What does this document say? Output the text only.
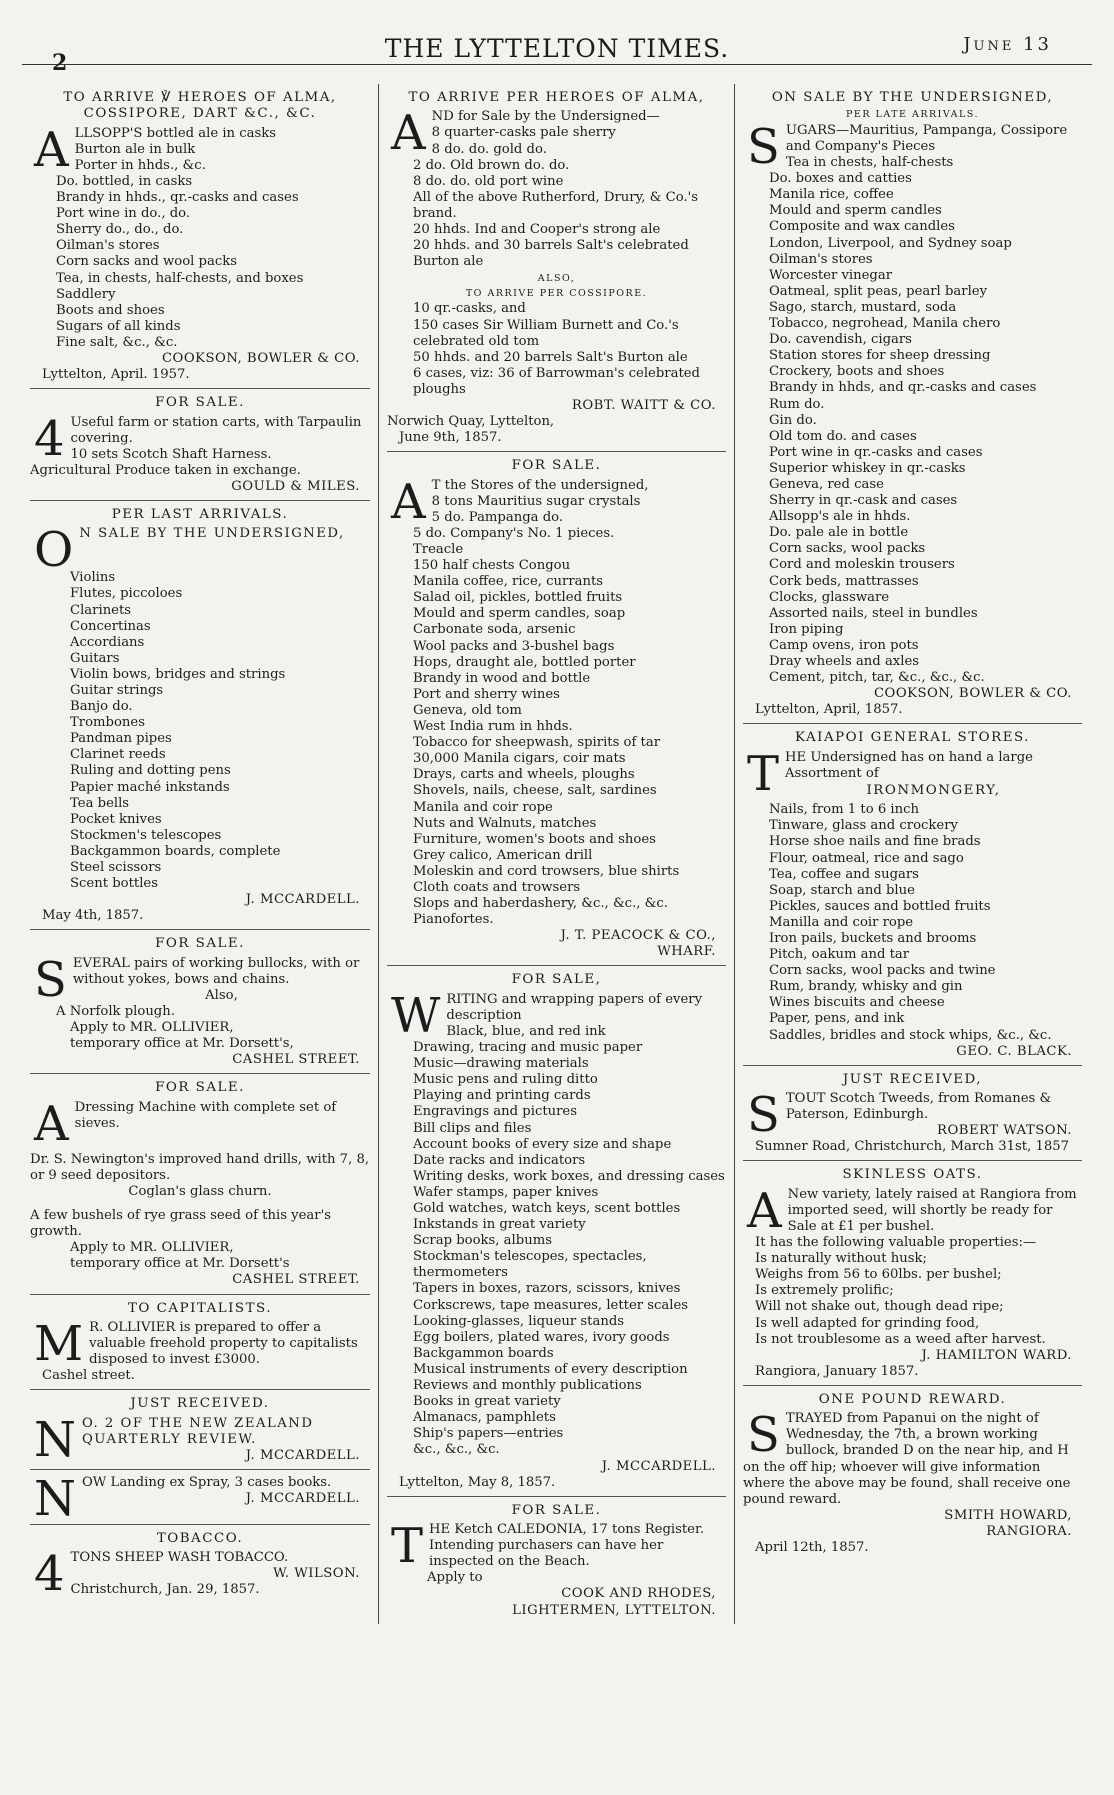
2	THE LYTTELTON TIMES.	June 13
TO ARRIVE ℣ HEROES OF ALMA, COSSIPORE, DART &C., &C.
A LLSOPP'S bottled ale in casks
Burton ale in bulk
Porter in hhds., &c.
Do. bottled, in casks
Brandy in hhds., qr.-casks and cases
Port wine in do., do.
Sherry do., do., do.
Oilman's stores
Corn sacks and wool packs
Tea, in chests, half-chests, and boxes
Saddlery
Boots and shoes
Sugars of all kinds
Fine salt, &c., &c.
COOKSON, BOWLER & CO.
Lyttelton, April. 1957.
FOR SALE.
4 Useful farm or station carts, with Tarpaulin covering.
10 sets Scotch Shaft Harness.
Agricultural Produce taken in exchange.
GOULD & MILES.
PER LAST ARRIVALS.
O N SALE BY THE UNDERSIGNED,
Violins
Flutes, piccoloes
Clarinets
Concertinas
Accordians
Guitars
Violin bows, bridges and strings
Guitar strings
Banjo do.
Trombones
Pandman pipes
Clarinet reeds
Ruling and dotting pens
Papier maché inkstands
Tea bells
Pocket knives
Stockmen's telescopes
Backgammon boards, complete
Steel scissors
Scent bottles
J. MCCARDELL.
May 4th, 1857.
FOR SALE.
S EVERAL pairs of working bullocks, with or without yokes, bows and chains.
Also,
A Norfolk plough.
Apply to MR. OLLIVIER,
temporary office at Mr. Dorsett's,
CASHEL STREET.
FOR SALE.
A Dressing Machine with complete set of sieves.
Dr. S. Newington's improved hand drills, with 7, 8, or 9 seed depositors.
Coglan's glass churn.
A few bushels of rye grass seed of this year's growth.
Apply to MR. OLLIVIER,
temporary office at Mr. Dorsett's
CASHEL STREET.
TO CAPITALISTS.
M R. OLLIVIER is prepared to offer a valuable freehold property to capitalists disposed to invest £3000.
Cashel street.
JUST RECEIVED.
N O. 2 OF THE NEW ZEALAND QUARTERLY REVIEW.
J. MCCARDELL.
N OW Landing ex Spray, 3 cases books.
J. MCCARDELL.
TOBACCO.
4 TONS SHEEP WASH TOBACCO.
W. WILSON.
Christchurch, Jan. 29, 1857.
TO ARRIVE PER HEROES OF ALMA,
A ND for Sale by the Undersigned—
8 quarter-casks pale sherry
8 do. do. gold do.
2 do. Old brown do. do.
8 do. do. old port wine
All of the above Rutherford, Drury, & Co.'s brand.
20 hhds. Ind and Cooper's strong ale
20 hhds. and 30 barrels Salt's celebrated Burton ale
ALSO,
TO ARRIVE PER COSSIPORE.
10 qr.-casks, and
150 cases Sir William Burnett and Co.'s celebrated old tom
50 hhds. and 20 barrels Salt's Burton ale
6 cases, viz: 36 of Barrowman's celebrated ploughs
ROBT. WAITT & CO.
Norwich Quay, Lyttelton,
June 9th, 1857.
FOR SALE.
A T the Stores of the undersigned,
8 tons Mauritius sugar crystals
5 do. Pampanga do.
5 do. Company's No. 1 pieces.
Treacle
150 half chests Congou
Manila coffee, rice, currants
Salad oil, pickles, bottled fruits
Mould and sperm candles, soap
Carbonate soda, arsenic
Wool packs and 3-bushel bags
Hops, draught ale, bottled porter
Brandy in wood and bottle
Port and sherry wines
Geneva, old tom
West India rum in hhds.
Tobacco for sheepwash, spirits of tar
30,000 Manila cigars, coir mats
Drays, carts and wheels, ploughs
Shovels, nails, cheese, salt, sardines
Manila and coir rope
Nuts and Walnuts, matches
Furniture, women's boots and shoes
Grey calico, American drill
Moleskin and cord trowsers, blue shirts
Cloth coats and trowsers
Slops and haberdashery, &c., &c., &c.
Pianofortes.
J. T. PEACOCK & CO.,
WHARF.
FOR SALE,
W RITING and wrapping papers of every description
Black, blue, and red ink
Drawing, tracing and music paper
Music—drawing materials
Music pens and ruling ditto
Playing and printing cards
Engravings and pictures
Bill clips and files
Account books of every size and shape
Date racks and indicators
Writing desks, work boxes, and dressing cases
Wafer stamps, paper knives
Gold watches, watch keys, scent bottles
Inkstands in great variety
Scrap books, albums
Stockman's telescopes, spectacles, thermometers
Tapers in boxes, razors, scissors, knives
Corkscrews, tape measures, letter scales
Looking-glasses, liqueur stands
Egg boilers, plated wares, ivory goods
Backgammon boards
Musical instruments of every description
Reviews and monthly publications
Books in great variety
Almanacs, pamphlets
Ship's papers—entries
&c., &c., &c.
J. MCCARDELL.
Lyttelton, May 8, 1857.
FOR SALE.
T HE Ketch CALEDONIA, 17 tons Register. Intending purchasers can have her inspected on the Beach.
Apply to
COOK AND RHODES,
LIGHTERMEN, LYTTELTON.
ON SALE BY THE UNDERSIGNED,
PER LATE ARRIVALS.
S UGARS—Mauritius, Pampanga, Cossipore and Company's Pieces
Tea in chests, half-chests
Do. boxes and catties
Manila rice, coffee
Mould and sperm candles
Composite and wax candles
London, Liverpool, and Sydney soap
Oilman's stores
Worcester vinegar
Oatmeal, split peas, pearl barley
Sago, starch, mustard, soda
Tobacco, negrohead, Manila chero
Do. cavendish, cigars
Station stores for sheep dressing
Crockery, boots and shoes
Brandy in hhds, and qr.-casks and cases
Rum do.
Gin do.
Old tom do. and cases
Port wine in qr.-casks and cases
Superior whiskey in qr.-casks
Geneva, red case
Sherry in qr.-cask and cases
Allsopp's ale in hhds.
Do. pale ale in bottle
Corn sacks, wool packs
Cord and moleskin trousers
Cork beds, mattrasses
Clocks, glassware
Assorted nails, steel in bundles
Iron piping
Camp ovens, iron pots
Dray wheels and axles
Cement, pitch, tar, &c., &c., &c.
COOKSON, BOWLER & CO.
Lyttelton, April, 1857.
KAIAPOI GENERAL STORES.
T HE Undersigned has on hand a large Assortment of
IRONMONGERY,
Nails, from 1 to 6 inch
Tinware, glass and crockery
Horse shoe nails and fine brads
Flour, oatmeal, rice and sago
Tea, coffee and sugars
Soap, starch and blue
Pickles, sauces and bottled fruits
Manilla and coir rope
Iron pails, buckets and brooms
Pitch, oakum and tar
Corn sacks, wool packs and twine
Rum, brandy, whisky and gin
Wines biscuits and cheese
Paper, pens, and ink
Saddles, bridles and stock whips, &c., &c.
GEO. C. BLACK.
JUST RECEIVED,
S TOUT Scotch Tweeds, from Romanes & Paterson, Edinburgh.
ROBERT WATSON.
Sumner Road, Christchurch, March 31st, 1857
SKINLESS OATS.
A New variety, lately raised at Rangiora from imported seed, will shortly be ready for Sale at £1 per bushel.
It has the following valuable properties:—
Is naturally without husk;
Weighs from 56 to 60lbs. per bushel;
Is extremely prolific;
Will not shake out, though dead ripe;
Is well adapted for grinding food,
Is not troublesome as a weed after harvest.
J. HAMILTON WARD.
Rangiora, January 1857.
ONE POUND REWARD.
S TRAYED from Papanui on the night of Wednesday, the 7th, a brown working bullock, branded D on the near hip, and H on the off hip; whoever will give information where the above may be found, shall receive one pound reward.
SMITH HOWARD,
RANGIORA.
April 12th, 1857.
